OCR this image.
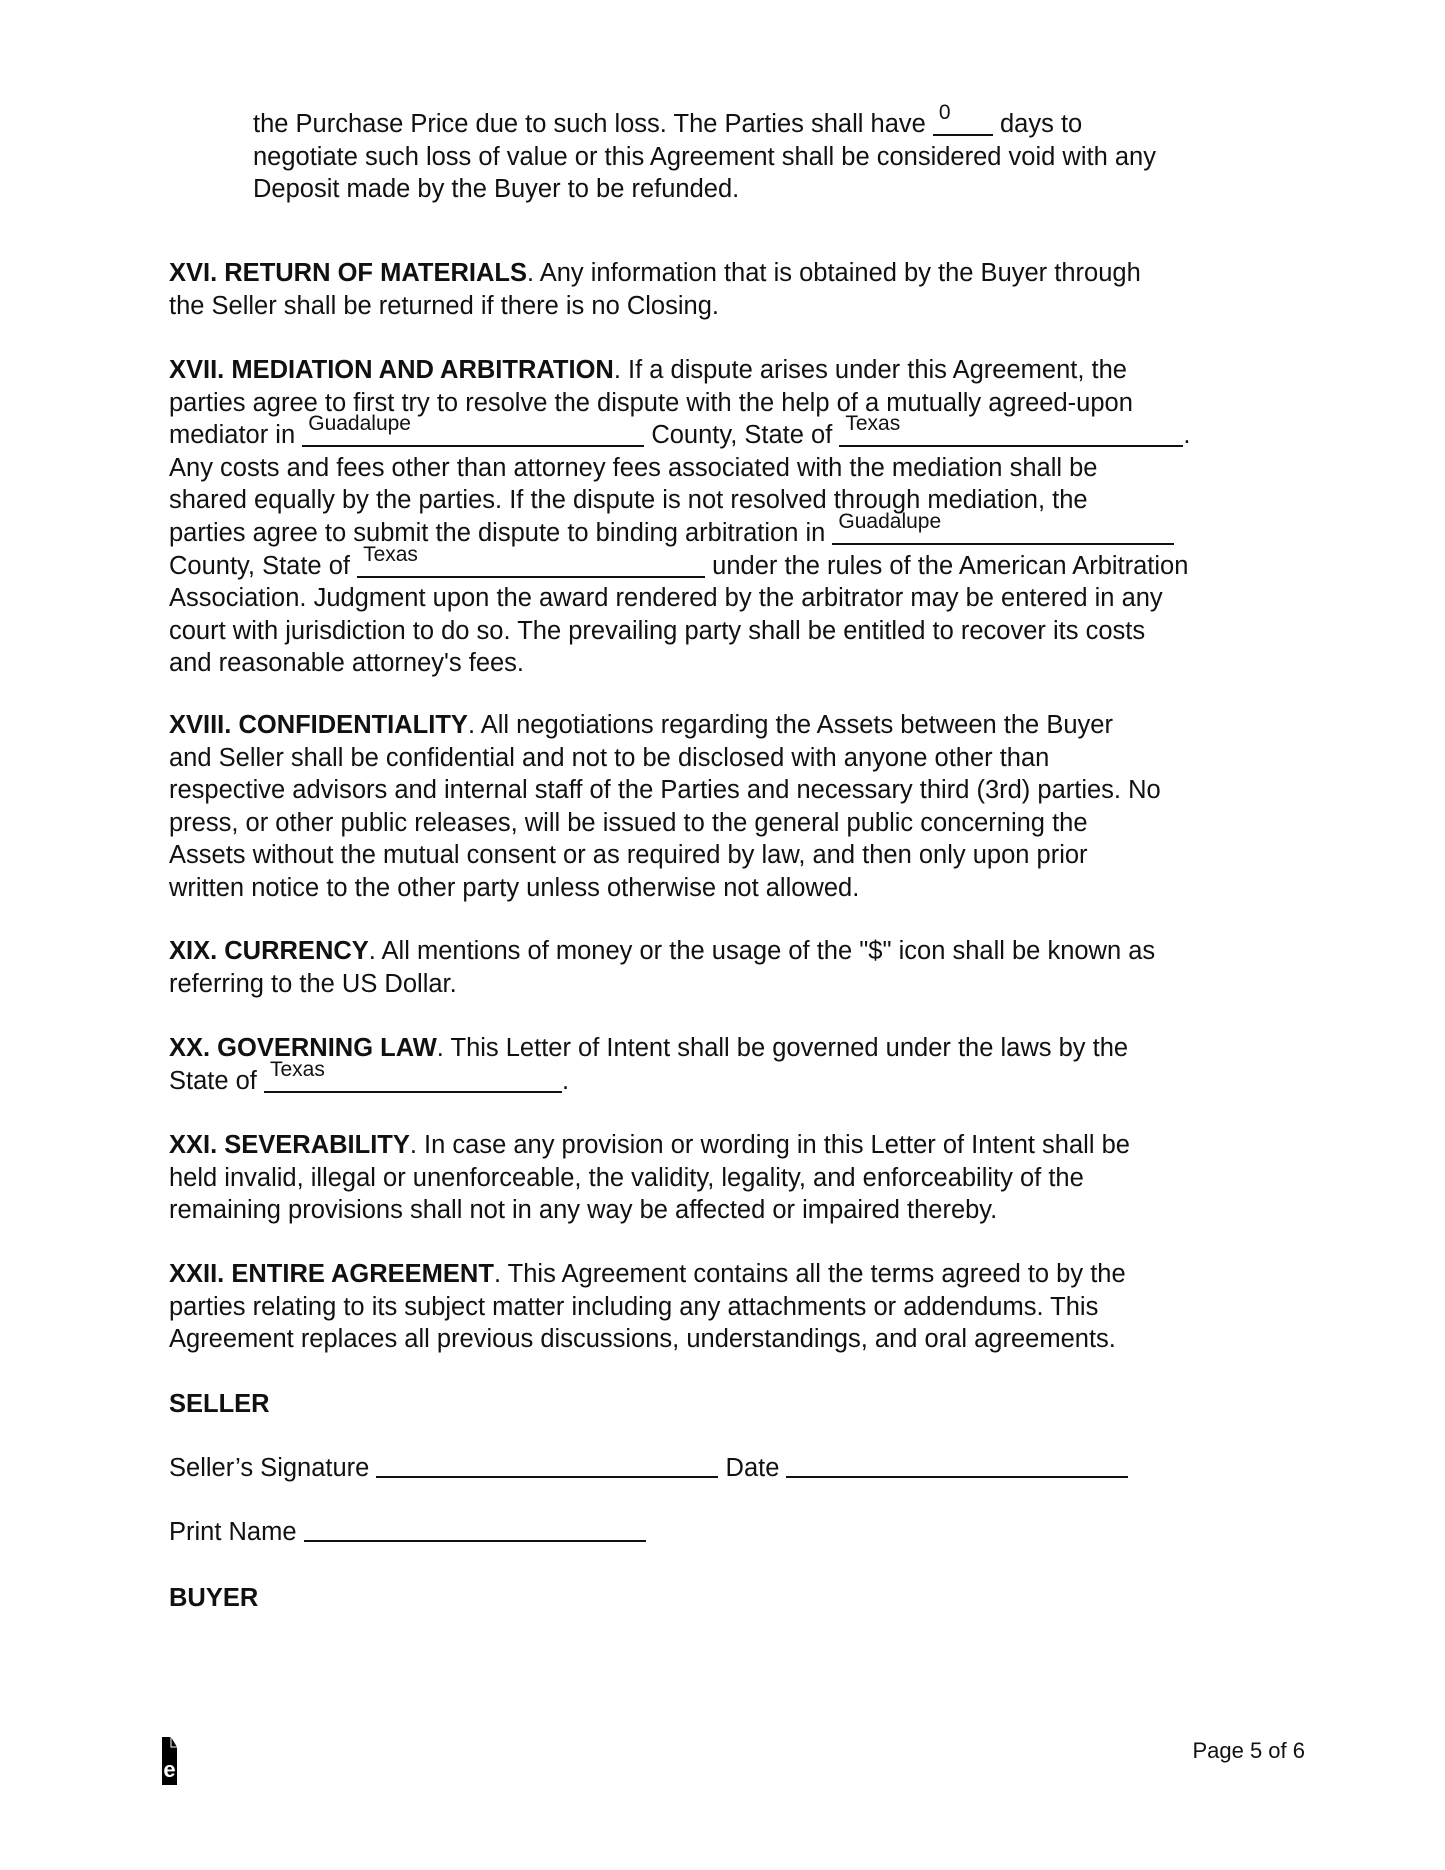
the Purchase Price due to such loss. The Parties shall have 0 days to
negotiate such loss of value or this Agreement shall be considered void with any
Deposit made by the Buyer to be refunded.
XVI. RETURN OF MATERIALS. Any information that is obtained by the Buyer through
the Seller shall be returned if there is no Closing.
XVII. MEDIATION AND ARBITRATION. If a dispute arises under this Agreement, the
parties agree to first try to resolve the dispute with the help of a mutually agreed-upon
mediator in Guadalupe	County, State of Texas	.
Any costs and fees other than attorney fees associated with the mediation shall be
shared equally by the parties. If the dispute is not resolved through mediation, the
parties agree to submit the dispute to binding arbitration in Guadalupe
County, State of Texas	under the rules of the American Arbitration
Association. Judgment upon the award rendered by the arbitrator may be entered in any
court with jurisdiction to do so. The prevailing party shall be entitled to recover its costs
and reasonable attorney's fees.
XVIII. CONFIDENTIALITY. All negotiations regarding the Assets between the Buyer
and Seller shall be confidential and not to be disclosed with anyone other than
respective advisors and internal staff of the Parties and necessary third (3rd) parties. No
press, or other public releases, will be issued to the general public concerning the
Assets without the mutual consent or as required by law, and then only upon prior
written notice to the other party unless otherwise not allowed.
XIX. CURRENCY. All mentions of money or the usage of the "$" icon shall be known as
referring to the US Dollar.
XX. GOVERNING LAW. This Letter of Intent shall be governed under the laws by the
State of Texas	.
XXI. SEVERABILITY. In case any provision or wording in this Letter of Intent shall be
held invalid, illegal or unenforceable, the validity, legality, and enforceability of the
remaining provisions shall not in any way be affected or impaired thereby.
XXII. ENTIRE AGREEMENT. This Agreement contains all the terms agreed to by the
parties relating to its subject matter including any attachments or addendums. This
Agreement replaces all previous discussions, understandings, and oral agreements.
SELLER
Seller’s Signature	Date
Print Name
BUYER
e
Page 5 of 6
